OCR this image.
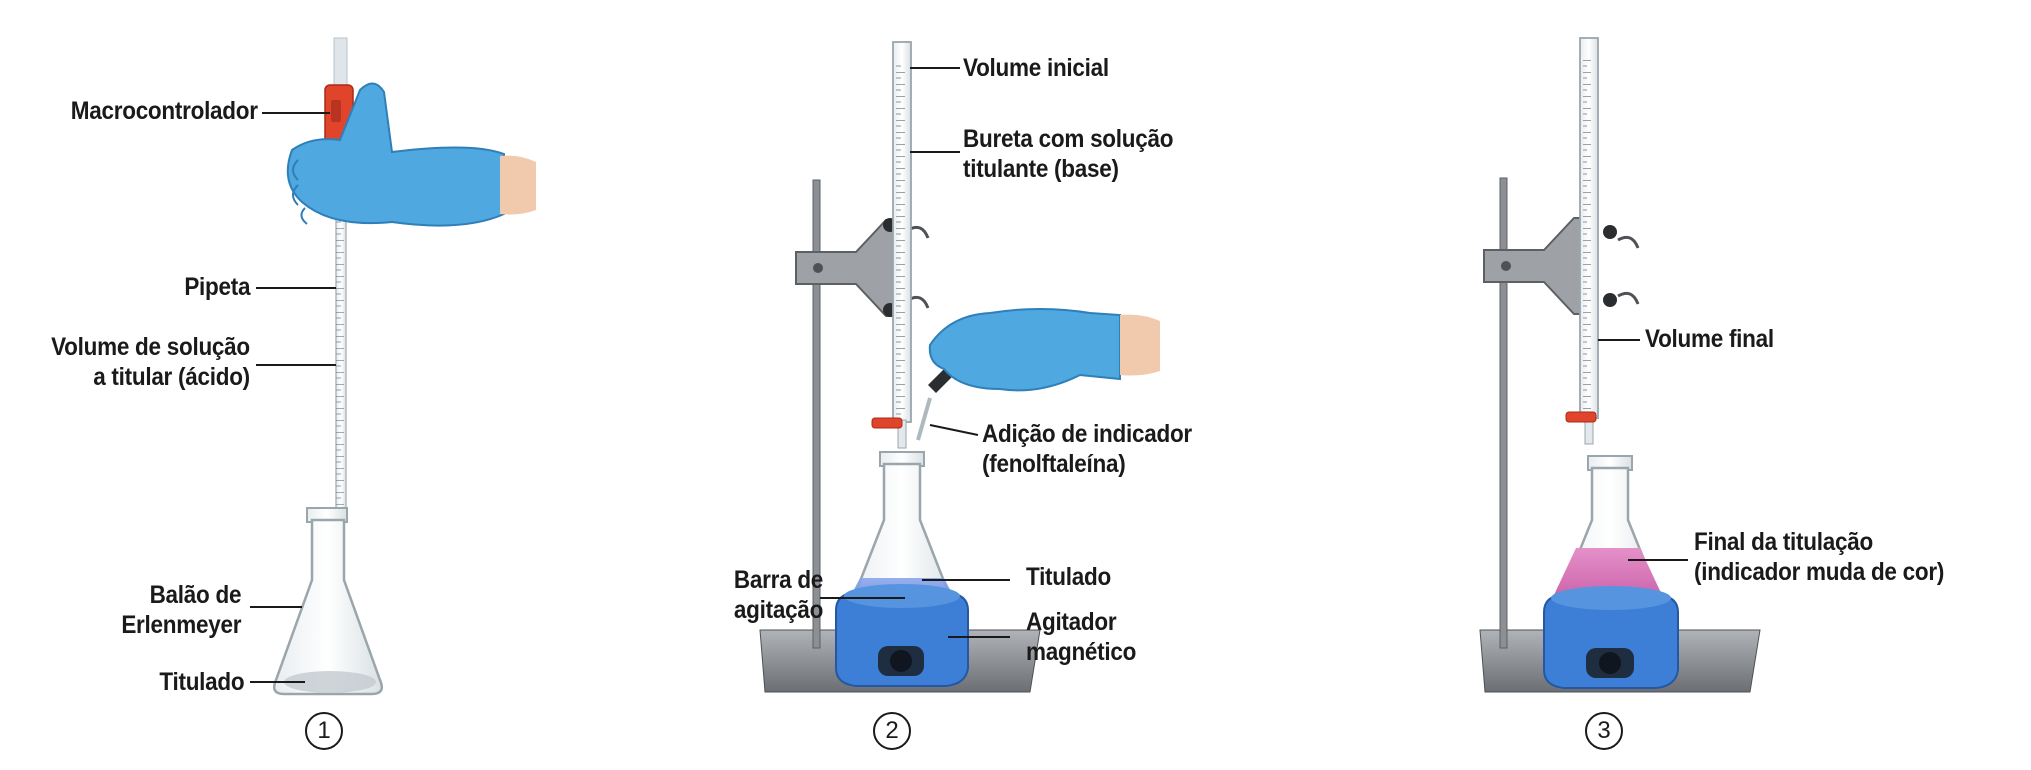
Macrocontrolador
Pipeta
Volume de solução
a titular (ácido)
Balão de
Erlenmeyer
Titulado
1
Volume inicial
Bureta com solução
titulante (base)
Adição de indicador
(fenolftaleína)
Titulado
Barra de
agitação	Agitador
magnético
2
Volume final
Final da titulação
(indicador muda de cor)
3
